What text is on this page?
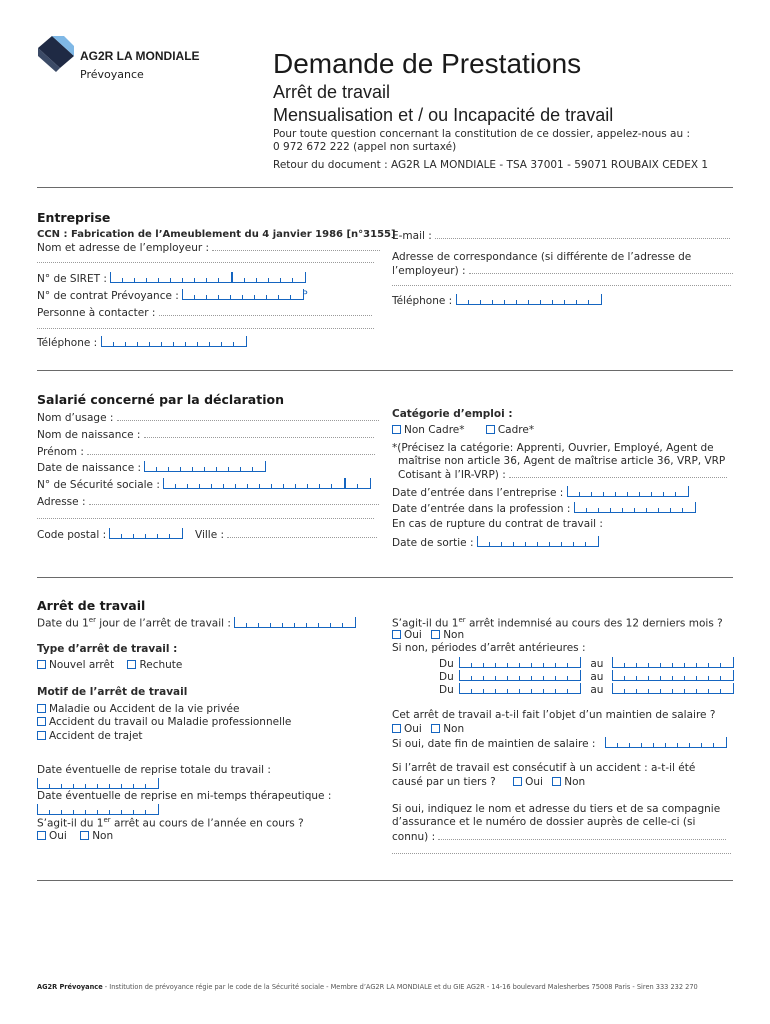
AG2R LA MONDIALE
Prévoyance	Demande de Prestations
Arrêt de travail
Mensualisation et / ou Incapacité de travail
Pour toute question concernant la constitution de ce dossier, appelez-nous au :
0 972 672 222 (appel non surtaxé)
Retour du document : AG2R LA MONDIALE - TSA 37001 - 59071 ROUBAIX CEDEX 1
Entreprise
CCN : Fabrication de l’Ameublement du 4 janvier 1986 [n°3155]
Nom et adresse de l’employeur :
N° de SIRET :
N° de contrat Prévoyance :	P
Personne à contacter :
Téléphone :
E-mail :
Adresse de correspondance (si différente de l’adresse de
l’employeur) :
Téléphone :
Salarié concerné par la déclaration
Nom d’usage :
Nom de naissance :
Prénom :
Date de naissance :
N° de Sécurité sociale :
Adresse :
Code postal :	Ville :
Catégorie d’emploi :
Non Cadre*	Cadre*
*(Précisez la catégorie: Apprenti, Ouvrier, Employé, Agent de
maîtrise non article 36, Agent de maîtrise article 36, VRP, VRP
Cotisant à l’IR-VRP) :
Date d’entrée dans l’entreprise :
Date d’entrée dans la profession :
En cas de rupture du contrat de travail :
Date de sortie :
Arrêt de travail
Date du 1er jour de l’arrêt de travail :
Type d’arrêt de travail :
Nouvel arrêt Rechute
Motif de l’arrêt de travail
Maladie ou Accident de la vie privée
Accident du travail ou Maladie professionnelle
Accident de trajet
Date éventuelle de reprise totale du travail :
Date éventuelle de reprise en mi-temps thérapeutique :
S’agit-il du 1er arrêt au cours de l’année en cours ?
Oui Non
S’agit-il du 1er arrêt indemnisé au cours des 12 derniers mois ?
Oui Non
Si non, périodes d’arrêt antérieures :
Du	au
Du	au
Du	au
Cet arrêt de travail a-t-il fait l’objet d’un maintien de salaire ?
Oui Non
Si oui, date fin de maintien de salaire :
Si l’arrêt de travail est consécutif à un accident : a-t-il été
causé par un tiers ?	Oui Non
Si oui, indiquez le nom et adresse du tiers et de sa compagnie
d’assurance et le numéro de dossier auprès de celle-ci (si
connu) :
AG2R Prévoyance - Institution de prévoyance régie par le code de la Sécurité sociale - Membre d’AG2R LA MONDIALE et du GIE AG2R - 14-16 boulevard Malesherbes 75008 Paris - Siren 333 232 270
